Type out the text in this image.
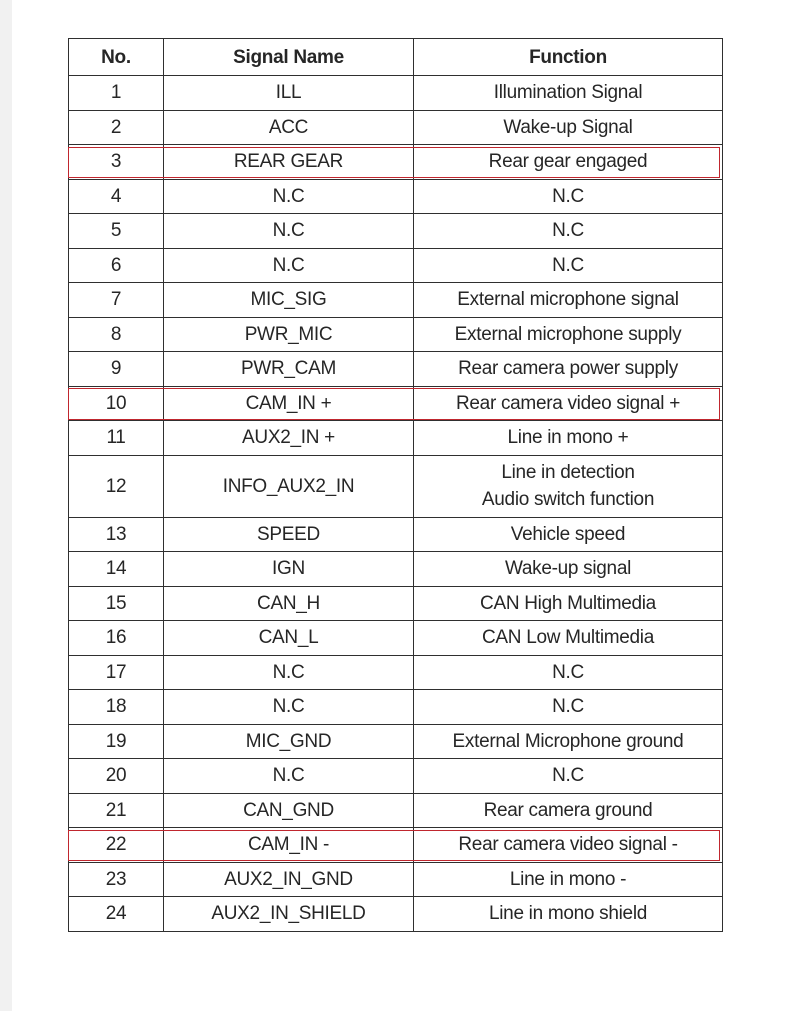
No.	Signal Name	Function
1	ILL	Illumination Signal

2	ACC	Wake-up Signal

3	REAR GEAR	Rear gear engaged

4	N.C	N.C

5	N.C	N.C

6	N.C	N.C

7	MIC_SIG	External microphone signal

8	PWR_MIC	External microphone supply

9	PWR_CAM	Rear camera power supply

10	CAM_IN +	Rear camera video signal +

11	AUX2_IN +	Line in mono +

12	INFO_AUX2_IN	Line in detection
Audio switch function

13	SPEED	Vehicle speed

14	IGN	Wake-up signal

15	CAN_H	CAN High Multimedia

16	CAN_L	CAN Low Multimedia

17	N.C	N.C

18	N.C	N.C

19	MIC_GND	External Microphone ground

20	N.C	N.C

21	CAN_GND	Rear camera ground

22	CAM_IN -	Rear camera video signal -

23	AUX2_IN_GND	Line in mono -

24	AUX2_IN_SHIELD	Line in mono shield
